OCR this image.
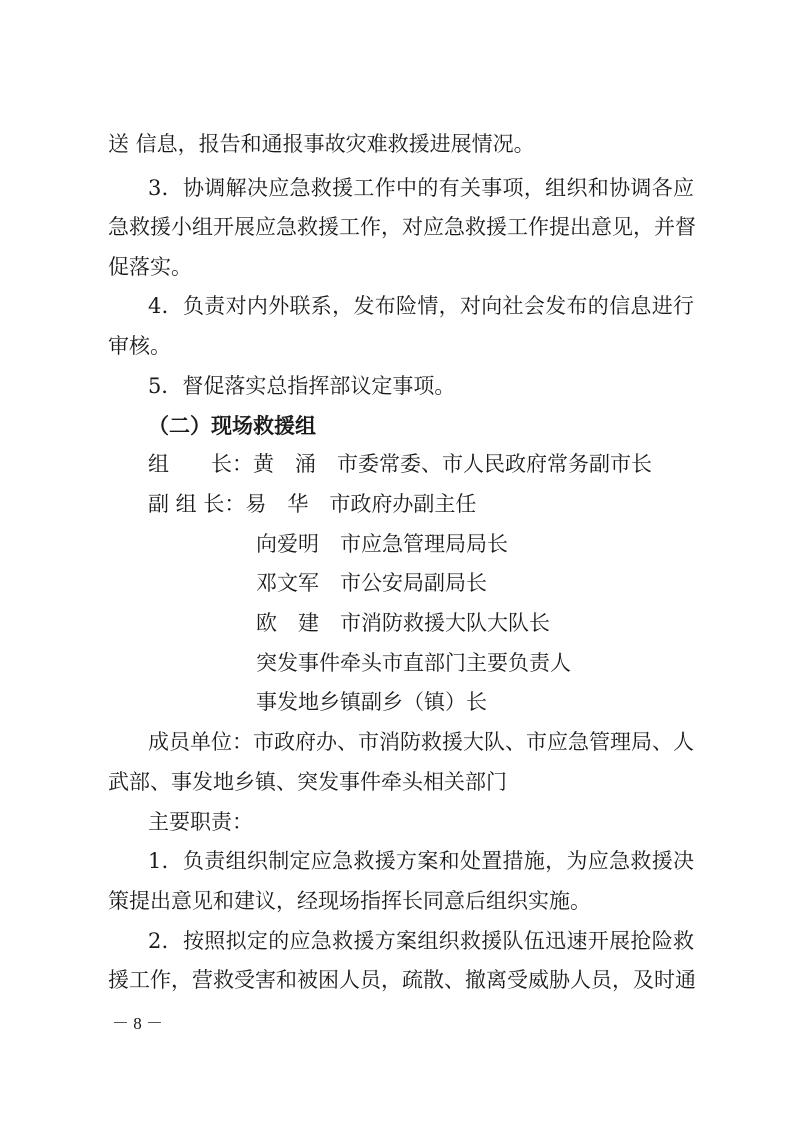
送 信息，报告和通报事故灾难救援进展情况。
3．协调解决应急救援工作中的有关事项，组织和协调各应
急救援小组开展应急救援工作，对应急救援工作提出意见，并督
促落实。
4．负责对内外联系，发布险情，对向社会发布的信息进行
审核。
5．督促落实总指挥部议定事项。
（二）现场救援组
组　　长：黄　涌　市委常委、市人民政府常务副市长
副 组 长：易　华　市政府办副主任
向爱明　市应急管理局局长
邓文军　市公安局副局长
欧　建　市消防救援大队大队长
突发事件牵头市直部门主要负责人
事发地乡镇副乡（镇）长
成员单位：市政府办、市消防救援大队、市应急管理局、人
武部、事发地乡镇、突发事件牵头相关部门
主要职责：
1．负责组织制定应急救援方案和处置措施，为应急救援决
策提出意见和建议，经现场指挥长同意后组织实施。
2．按照拟定的应急救援方案组织救援队伍迅速开展抢险救
援工作，营救受害和被困人员，疏散、撤离受威胁人员，及时通
－ 8 －
